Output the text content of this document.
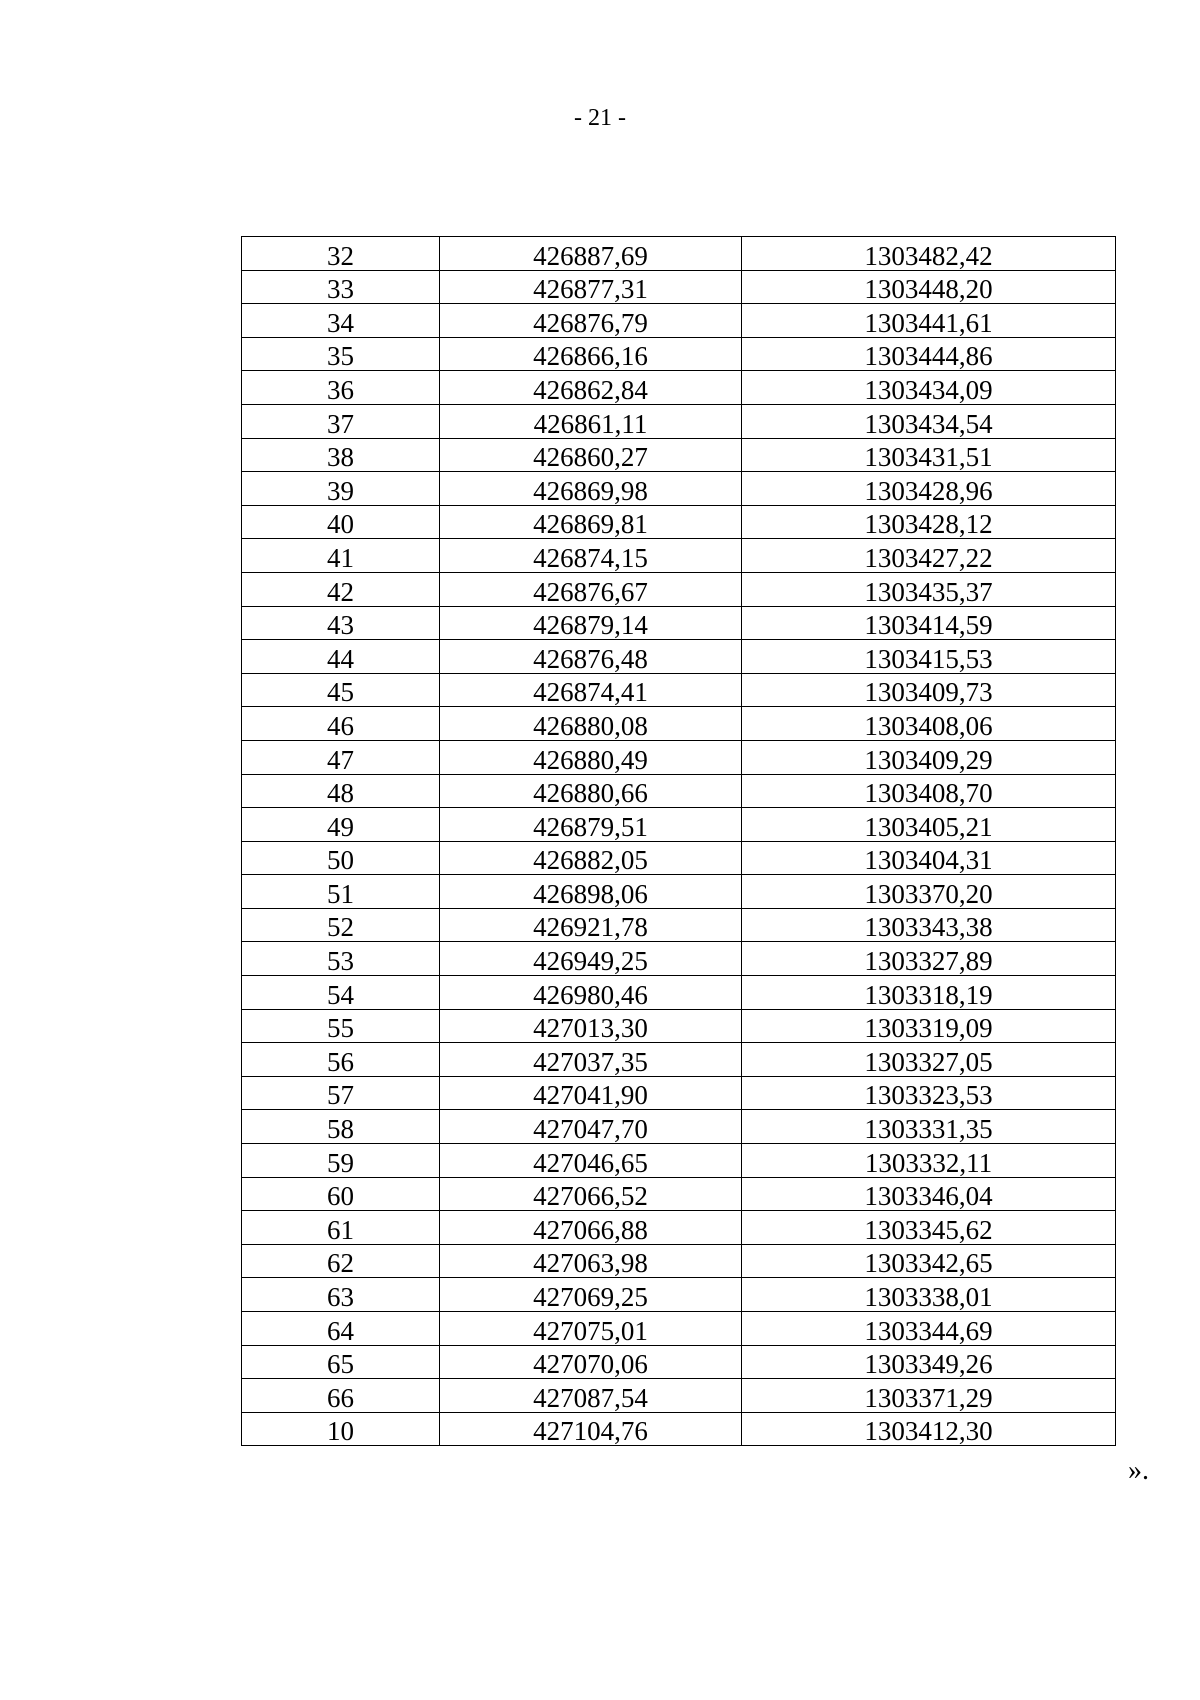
- 21 -
32	426887,69	1303482,42
33	426877,31	1303448,20
34	426876,79	1303441,61
35	426866,16	1303444,86
36	426862,84	1303434,09
37	426861,11	1303434,54
38	426860,27	1303431,51
39	426869,98	1303428,96
40	426869,81	1303428,12
41	426874,15	1303427,22
42	426876,67	1303435,37
43	426879,14	1303414,59
44	426876,48	1303415,53
45	426874,41	1303409,73
46	426880,08	1303408,06
47	426880,49	1303409,29
48	426880,66	1303408,70
49	426879,51	1303405,21
50	426882,05	1303404,31
51	426898,06	1303370,20
52	426921,78	1303343,38
53	426949,25	1303327,89
54	426980,46	1303318,19
55	427013,30	1303319,09
56	427037,35	1303327,05
57	427041,90	1303323,53
58	427047,70	1303331,35
59	427046,65	1303332,11
60	427066,52	1303346,04
61	427066,88	1303345,62
62	427063,98	1303342,65
63	427069,25	1303338,01
64	427075,01	1303344,69
65	427070,06	1303349,26
66	427087,54	1303371,29
10	427104,76	1303412,30
».
